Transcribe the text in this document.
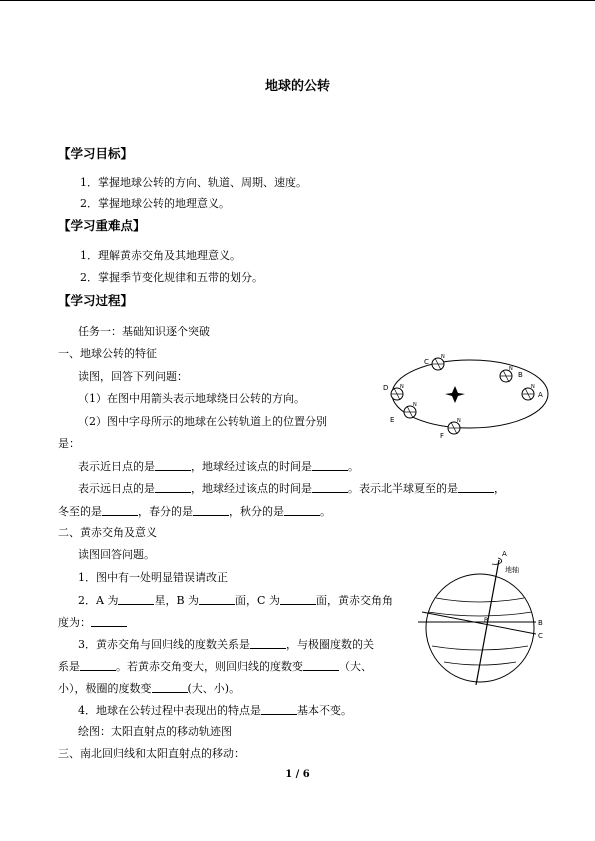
地球的公转
【学习目标】
1．掌握地球公转的方向、轨道、周期、速度。
2．掌握地球公转的地理意义。
【学习重难点】
1．理解黄赤交角及其地理意义。
2．掌握季节变化规律和五带的划分。
【学习过程】
任务一：基础知识逐个突破
一、地球公转的特征
读图，回答下列问题：
（1）在图中用箭头表示地球绕日公转的方向。
（2）图中字母所示的地球在公转轨道上的位置分别
是：
表示近日点的是	，地球经过该点的时间是	。
表示远日点的是	，地球经过该点的时间是	。表示北半球夏至的是	，
冬至的是	，春分的是	，秋分的是	。
二、黄赤交角及意义
读图回答问题。
1．图中有一处明显错误请改正
2．A 为	星，B 为	面，C 为	面，黄赤交角角
度为：
3．黄赤交角与回归线的度数关系是	，与极圈度数的关
系是	。若黄赤交角变大，则回归线的度数变	（大、
小），极圈的度数变	(大、小)。
4．地球在公转过程中表现出的特点是	基本不变。
绘图：太阳直射点的移动轨迹图
三、南北回归线和太阳直射点的移动：
C
B
A
D
E
F
N
N
N
N
N
N
A
地轴
B
C
B
1 / 6
